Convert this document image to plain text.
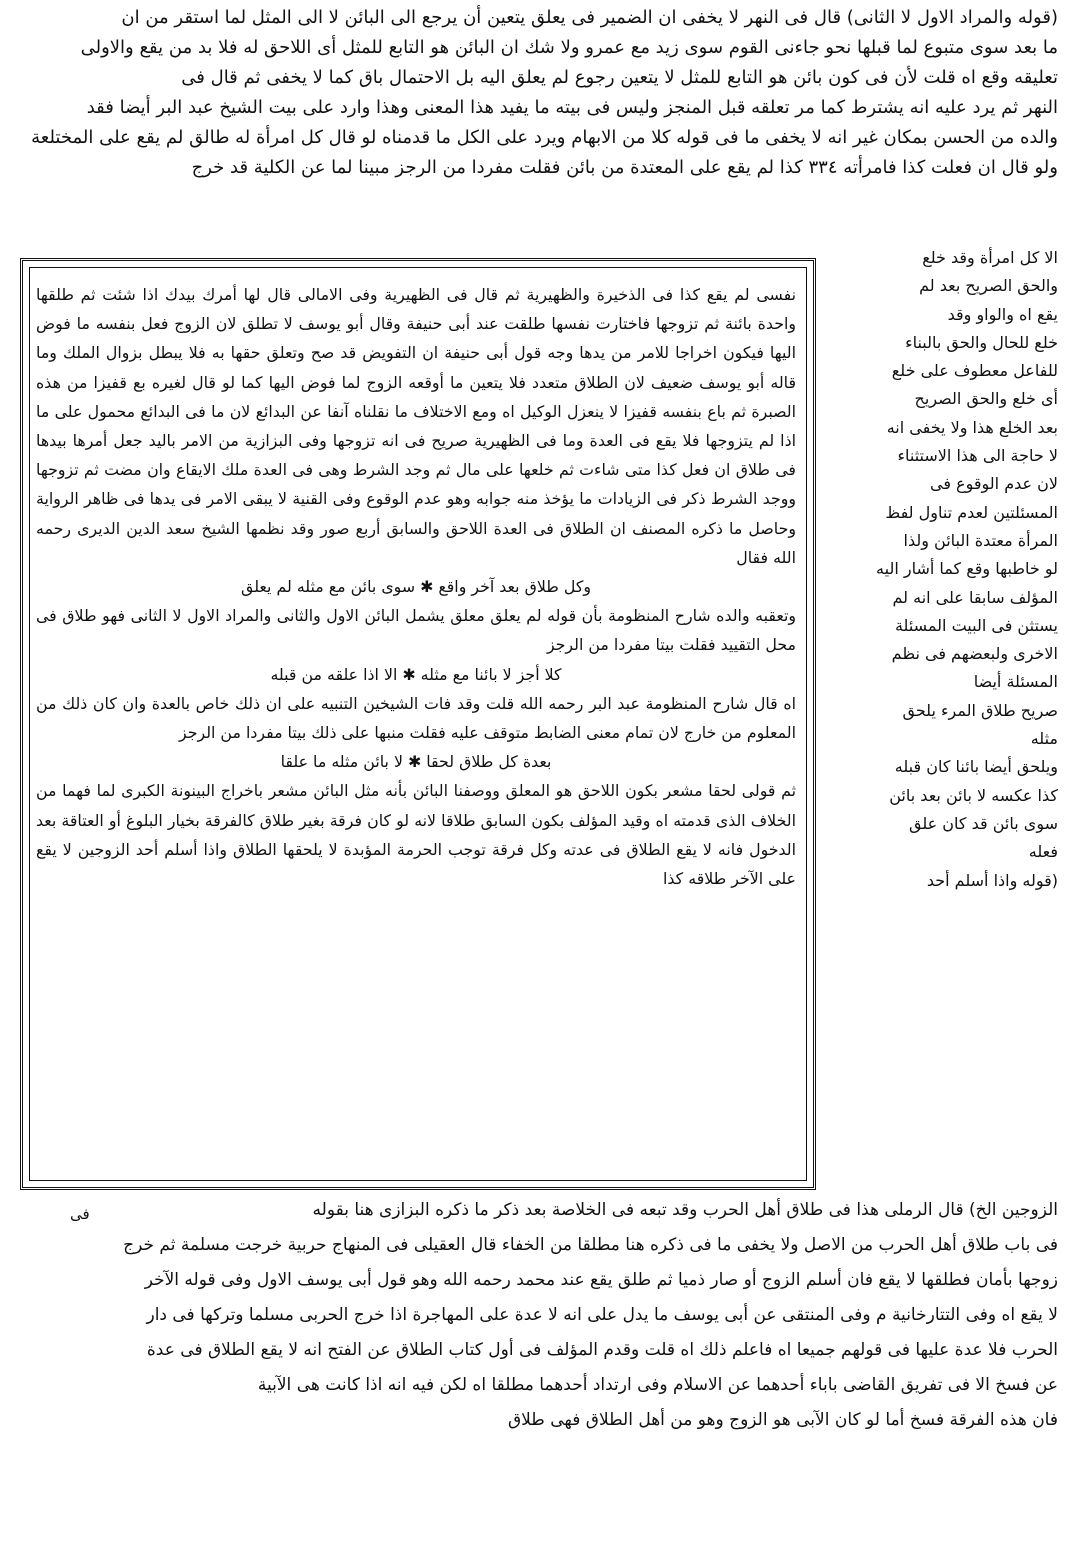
(قوله والمراد الاول لا الثانى) قال فى النهر لا يخفى ان الضمير فى يعلق يتعين أن يرجع الى البائن لا الى المثل لما استقر من ان
ما بعد سوى متبوع لما قبلها نحو جاءنى القوم سوى زيد مع عمرو ولا شك ان البائن هو التابع للمثل أى اللاحق له فلا بد من يقع والاولى
تعليقه وقع اه قلت لأن فى كون بائن هو التابع للمثل لا يتعين رجوع لم يعلق اليه بل الاحتمال باق كما لا يخفى ثم قال فى
النهر ثم يرد عليه انه يشترط كما مر تعلقه قبل المنجز وليس فى بيته ما يفيد هذا المعنى وهذا وارد على بيت الشيخ عبد البر أيضا فقد
والده من الحسن بمكان غير انه لا يخفى ما فى قوله كلا من الابهام ويرد على الكل ما قدمناه لو قال كل امرأة له طالق لم يقع على المختلعة
ولو قال ان فعلت كذا فامرأته ٣٣٤ كذا لم يقع على المعتدة من بائن فقلت مفردا من الرجز مبينا لما عن الكلية قد خرج
الا كل امرأة وقد خلع
والحق الصريح بعد لم
يقع اه والواو وقد
خلع للحال والحق بالبناء
للفاعل معطوف على خلع
أى خلع والحق الصريح
بعد الخلع هذا ولا يخفى انه
لا حاجة الى هذا الاستثناء
لان عدم الوقوع فى
المسئلتين لعدم تناول لفظ
المرأة معتدة البائن ولذا
لو خاطبها وقع كما أشار اليه
المؤلف سابقا على انه لم
يستثن فى البيت المسئلة
الاخرى ولبعضهم فى نظم
المسئلة أيضا
صريح طلاق المرء يلحق
مثله
ويلحق أيضا بائنا كان قبله
كذا عكسه لا بائن بعد بائن
سوى بائن قد كان علق
فعله
(قوله واذا أسلم أحد

نفسى لم يقع كذا فى الذخيرة والظهيرية ثم قال فى الظهيرية وفى الامالى قال لها أمرك بيدك اذا شئت ثم طلقها واحدة بائنة ثم تزوجها فاختارت نفسها طلقت عند أبى حنيفة وقال أبو يوسف لا تطلق لان الزوج فعل بنفسه ما فوض اليها فيكون اخراجا للامر من يدها وجه قول أبى حنيفة ان التفويض قد صح وتعلق حقها به فلا يبطل بزوال الملك وما قاله أبو يوسف ضعيف لان الطلاق متعدد فلا يتعين ما أوقعه الزوج لما فوض اليها كما لو قال لغيره بع قفيزا من هذه الصبرة ثم باع بنفسه قفيزا لا ينعزل الوكيل اه ومع الاختلاف ما نقلناه آنفا عن البدائع لان ما فى البدائع محمول على ما اذا لم يتزوجها فلا يقع فى العدة وما فى الظهيرية صريح فى انه تزوجها وفى البزازية من الامر باليد جعل أمرها بيدها فى طلاق ان فعل كذا متى شاءت ثم خلعها على مال ثم وجد الشرط وهى فى العدة ملك الايقاع وان مضت ثم تزوجها ووجد الشرط ذكر فى الزيادات ما يؤخذ منه جوابه وهو عدم الوقوع وفى القنية لا يبقى الامر فى يدها فى ظاهر الرواية وحاصل ما ذكره المصنف ان الطلاق فى العدة اللاحق والسابق أربع صور وقد نظمها الشيخ سعد الدين الديرى رحمه الله فقال

وكل طلاق بعد آخر واقع ✱ سوى بائن مع مثله لم يعلق

وتعقبه والده شارح المنظومة بأن قوله لم يعلق معلق يشمل البائن الاول والثانى والمراد الاول لا الثانى فهو طلاق فى محل التقييد فقلت بيتا مفردا من الرجز

كلا أجز لا بائنا مع مثله ✱ الا اذا علقه من قبله

اه قال شارح المنظومة عبد البر رحمه الله قلت وقد فات الشيخين التنبيه على ان ذلك خاص بالعدة وان كان ذلك من المعلوم من خارج لان تمام معنى الضابط متوقف عليه فقلت منبها على ذلك بيتا مفردا من الرجز

بعدة كل طلاق لحقا ✱ لا بائن مثله ما علقا

ثم قولى لحقا مشعر بكون اللاحق هو المعلق ووصفنا البائن بأنه مثل البائن مشعر باخراج البينونة الكبرى لما فهما من الخلاف الذى قدمته اه وقيد المؤلف بكون السابق طلاقا لانه لو كان فرقة بغير طلاق كالفرقة بخيار البلوغ أو العتاقة بعد الدخول فانه لا يقع الطلاق فى عدته وكل فرقة توجب الحرمة المؤبدة لا يلحقها الطلاق واذا أسلم أحد الزوجين لا يقع على الآخر طلاقه كذا

الزوجين الخ) قال الرملى هذا فى طلاق أهل الحرب وقد تبعه فى الخلاصة بعد ذكر ما ذكره البزازى هنا بقوله
فى باب طلاق أهل الحرب من الاصل ولا يخفى ما فى ذكره هنا مطلقا من الخفاء قال العقيلى فى المنهاج حربية خرجت مسلمة ثم خرج
زوجها بأمان فطلقها لا يقع فان أسلم الزوج أو صار ذميا ثم طلق يقع عند محمد رحمه الله وهو قول أبى يوسف الاول وفى قوله الآخر
لا يقع اه وفى التتارخانية م وفى المنتقى عن أبى يوسف ما يدل على انه لا عدة على المهاجرة اذا خرج الحربى مسلما وتركها فى دار
الحرب فلا عدة عليها فى قولهم جميعا اه فاعلم ذلك اه قلت وقدم المؤلف فى أول كتاب الطلاق عن الفتح انه لا يقع الطلاق فى عدة
عن فسخ الا فى تفريق القاضى باباء أحدهما عن الاسلام وفى ارتداد أحدهما مطلقا اه لكن فيه انه اذا كانت هى الآبية
فان هذه الفرقة فسخ أما لو كان الآبى هو الزوج وهو من أهل الطلاق فهى طلاق
فى
